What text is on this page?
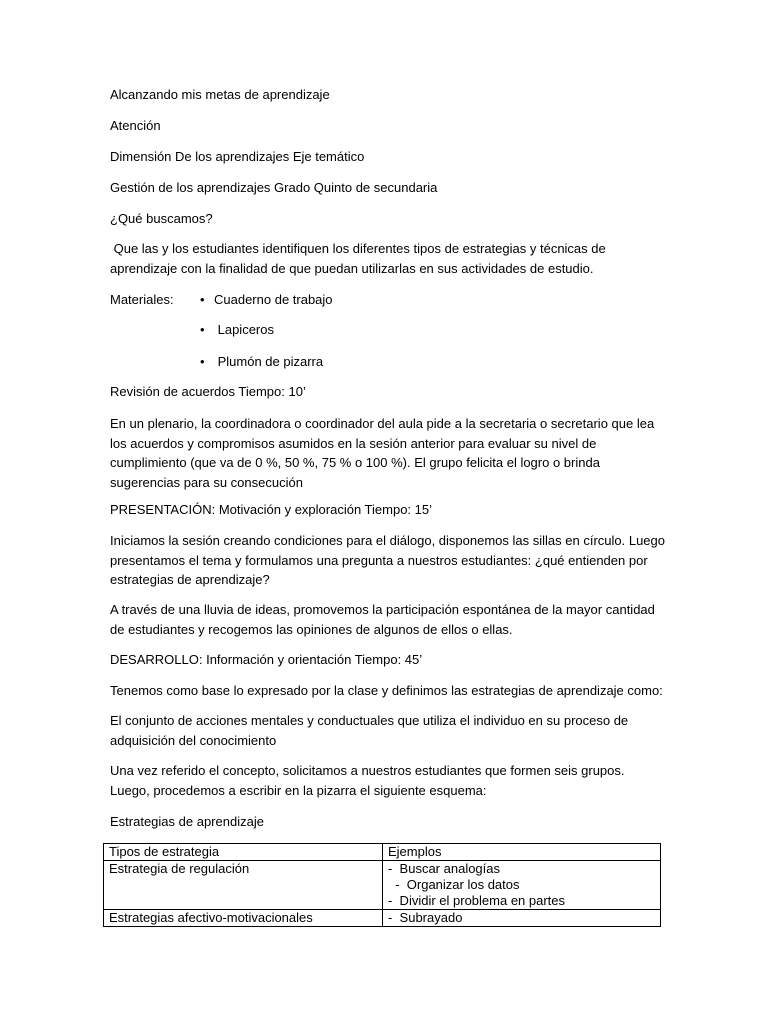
Alcanzando mis metas de aprendizaje
Atención
Dimensión De los aprendizajes Eje temático
Gestión de los aprendizajes Grado Quinto de secundaria
¿Qué buscamos?
Que las y los estudiantes identifiquen los diferentes tipos de estrategias y técnicas de
aprendizaje con la finalidad de que puedan utilizarlas en sus actividades de estudio.
Materiales: • Cuaderno de trabajo
• Lapiceros
• Plumón de pizarra
Revisión de acuerdos Tiempo: 10’
En un plenario, la coordinadora o coordinador del aula pide a la secretaria o secretario que lea
los acuerdos y compromisos asumidos en la sesión anterior para evaluar su nivel de
cumplimiento (que va de 0 %, 50 %, 75 % o 100 %). El grupo felicita el logro o brinda
sugerencias para su consecución
PRESENTACIÓN: Motivación y exploración Tiempo: 15’
Iniciamos la sesión creando condiciones para el diálogo, disponemos las sillas en círculo. Luego
presentamos el tema y formulamos una pregunta a nuestros estudiantes: ¿qué entienden por
estrategias de aprendizaje?
A través de una lluvia de ideas, promovemos la participación espontánea de la mayor cantidad
de estudiantes y recogemos las opiniones de algunos de ellos o ellas.
DESARROLLO: Información y orientación Tiempo: 45’
Tenemos como base lo expresado por la clase y definimos las estrategias de aprendizaje como:
El conjunto de acciones mentales y conductuales que utiliza el individuo en su proceso de
adquisición del conocimiento
Una vez referido el concepto, solicitamos a nuestros estudiantes que formen seis grupos.
Luego, procedemos a escribir en la pizarra el siguiente esquema:
Estrategias de aprendizaje
Tipos de estrategia	Ejemplos
Estrategia de regulación	-  Buscar analogías
-  Organizar los datos
-  Dividir el problema en partes

Estrategias afectivo-motivacionales	-  Subrayado
